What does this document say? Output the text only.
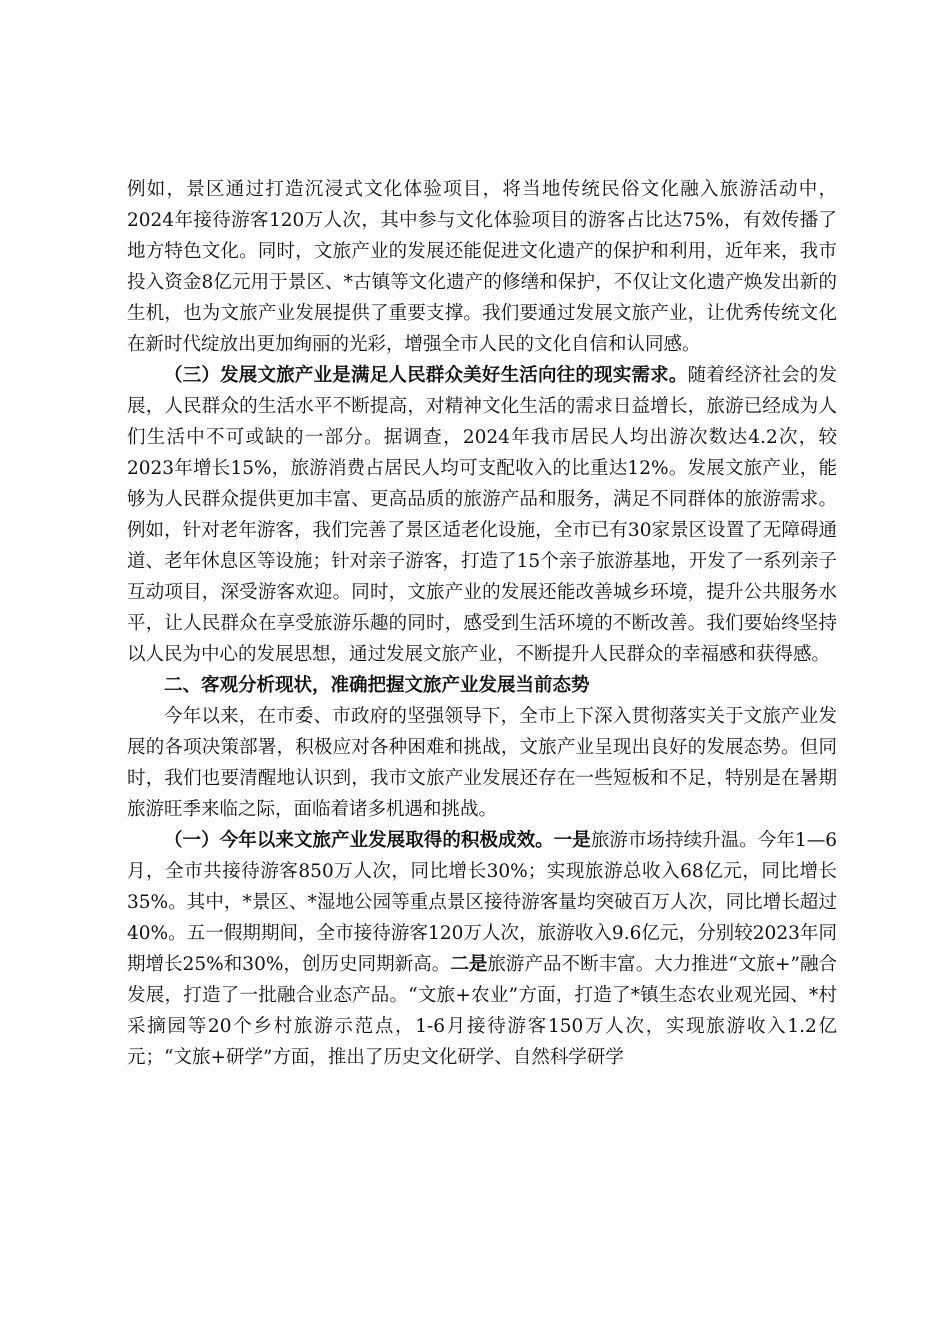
例如，景区通过打造沉浸式文化体验项目，将当地传统民俗文化融入旅游活动中，2024年接待游客120万人次，其中参与文化体验项目的游客占比达75%，有效传播了地方特色文化。同时，文旅产业的发展还能促进文化遗产的保护和利用，近年来，我市投入资金8亿元用于景区、*古镇等文化遗产的修缮和保护，不仅让文化遗产焕发出新的生机，也为文旅产业发展提供了重要支撑。我们要通过发展文旅产业，让优秀传统文化在新时代绽放出更加绚丽的光彩，增强全市人民的文化自信和认同感。

（三）发展文旅产业是满足人民群众美好生活向往的现实需求。随着经济社会的发展，人民群众的生活水平不断提高，对精神文化生活的需求日益增长，旅游已经成为人们生活中不可或缺的一部分。据调查，2024年我市居民人均出游次数达4.2次，较2023年增长15%，旅游消费占居民人均可支配收入的比重达12%。发展文旅产业，能够为人民群众提供更加丰富、更高品质的旅游产品和服务，满足不同群体的旅游需求。例如，针对老年游客，我们完善了景区适老化设施，全市已有30家景区设置了无障碍通道、老年休息区等设施；针对亲子游客，打造了15个亲子旅游基地，开发了一系列亲子互动项目，深受游客欢迎。同时，文旅产业的发展还能改善城乡环境，提升公共服务水平，让人民群众在享受旅游乐趣的同时，感受到生活环境的不断改善。我们要始终坚持以人民为中心的发展思想，通过发展文旅产业，不断提升人民群众的幸福感和获得感。

二、客观分析现状，准确把握文旅产业发展当前态势

今年以来，在市委、市政府的坚强领导下，全市上下深入贯彻落实关于文旅产业发展的各项决策部署，积极应对各种困难和挑战，文旅产业呈现出良好的发展态势。但同时，我们也要清醒地认识到，我市文旅产业发展还存在一些短板和不足，特别是在暑期旅游旺季来临之际，面临着诸多机遇和挑战。

（一）今年以来文旅产业发展取得的积极成效。一是旅游市场持续升温。今年1—6月，全市共接待游客850万人次，同比增长30%；实现旅游总收入68亿元，同比增长35%。其中，*景区、*湿地公园等重点景区接待游客量均突破百万人次，同比增长超过40%。五一假期期间，全市接待游客120万人次，旅游收入9.6亿元，分别较2023年同期增长25%和30%，创历史同期新高。二是旅游产品不断丰富。大力推进“文旅+”融合发展，打造了一批融合业态产品。“文旅+农业”方面，打造了*镇生态农业观光园、*村采摘园等20个乡村旅游示范点，1-6月接待游客150万人次，实现旅游收入1.2亿元；“文旅+研学”方面，推出了历史文化研学、自然科学研学
